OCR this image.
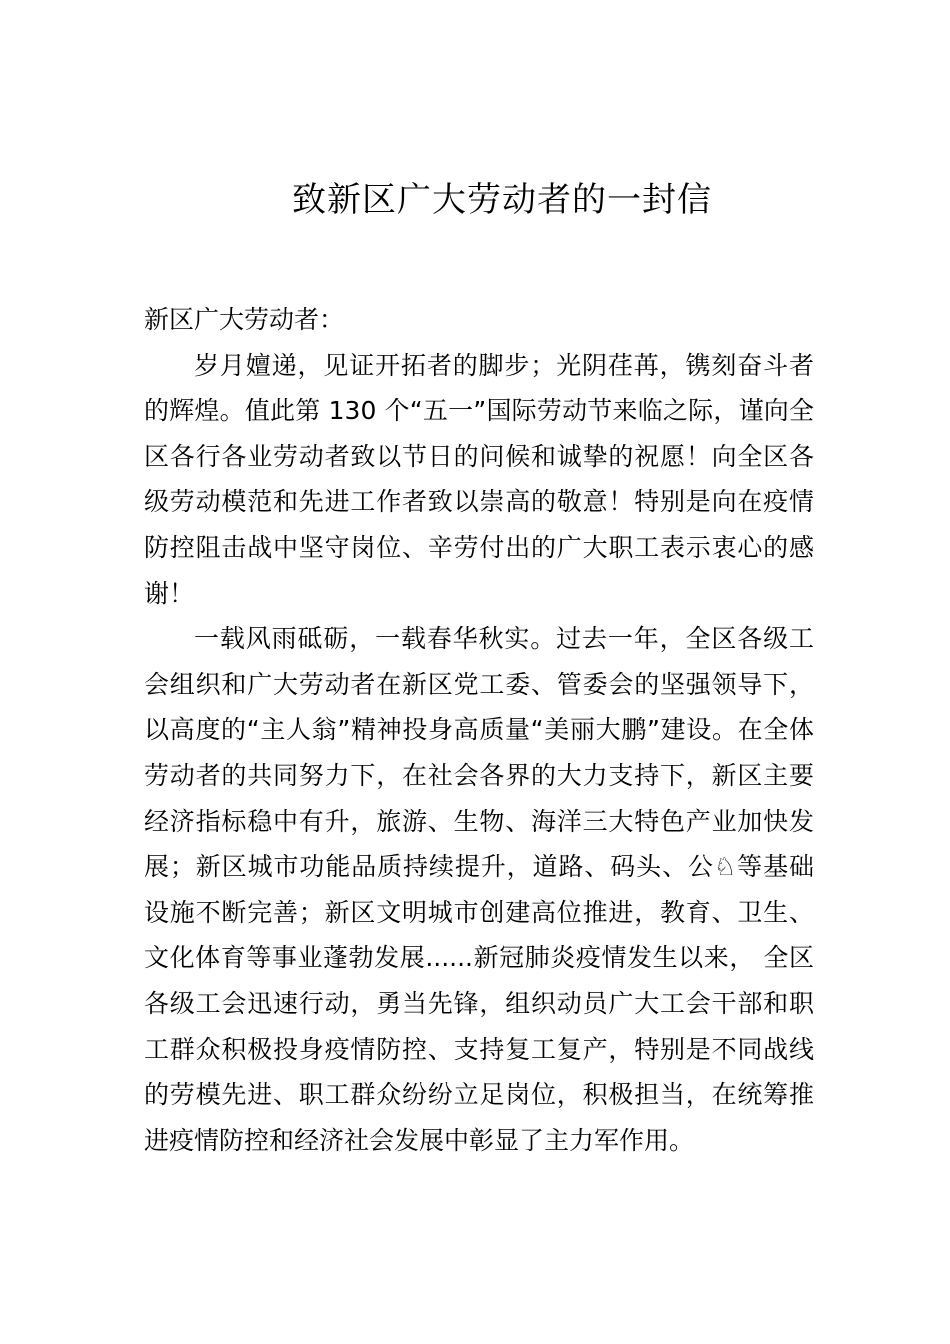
致新区广大劳动者的一封信

新区广大劳动者：

岁月嬗递，见证开拓者的脚步；光阴荏苒，镌刻奋斗者的辉煌。值此第 130 个“五一”国际劳动节来临之际，谨向全区各行各业劳动者致以节日的问候和诚挚的祝愿！向全区各级劳动模范和先进工作者致以崇高的敬意！特别是向在疫情防控阻击战中坚守岗位、辛劳付出的广大职工表示衷心的感谢！

一载风雨砥砺，一载春华秋实。过去一年，全区各级工会组织和广大劳动者在新区党工委、管委会的坚强领导下，以高度的“主人翁”精神投身高质量“美丽大鹏”建设。在全体劳动者的共同努力下，在社会各界的大力支持下，新区主要经济指标稳中有升，旅游、生物、海洋三大特色产业加快发展；新区城市功能品质持续提升，道路、码头、公♘等基础设施不断完善；新区文明城市创建高位推进，教育、卫生、文化体育等事业蓬勃发展......新冠肺炎疫情发生以来， 全区各级工会迅速行动，勇当先锋，组织动员广大工会干部和职工群众积极投身疫情防控、支持复工复产，特别是不同战线的劳模先进、职工群众纷纷立足岗位，积极担当，在统筹推进疫情防控和经济社会发展中彰显了主力军作用。
